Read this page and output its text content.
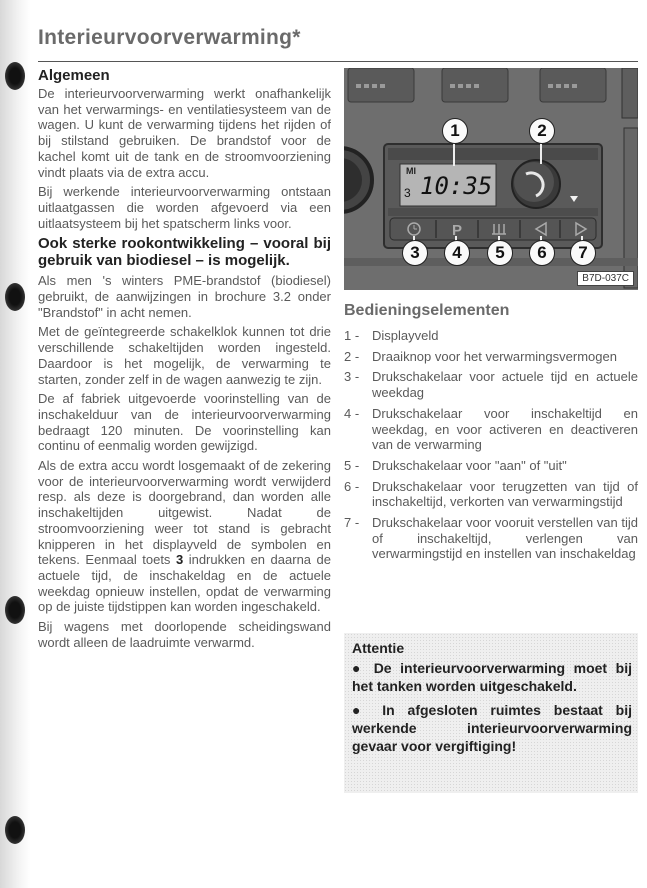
Interieurvoorverwarming*
Algemeen

De interieurvoorverwarming werkt onafhankelijk van het verwarmings- en ventilatiesysteem van de wagen. U kunt de verwarming tijdens het rijden of bij stilstand gebruiken. De brandstof voor de kachel komt uit de tank en de stroomvoorziening vindt plaats via de extra accu.

Bij werkende interieurvoorverwarming ontstaan uitlaatgassen die worden afgevoerd via een uitlaatsysteem bij het spatscherm links voor.

Ook sterke rookontwikkeling – vooral bij gebruik van biodiesel – is mogelijk.

Als men 's winters PME-brandstof (biodiesel) gebruikt, de aanwijzingen in brochure 3.2 onder "Brandstof" in acht nemen.

Met de geïntegreerde schakelklok kunnen tot drie verschillende schakeltijden worden ingesteld. Daardoor is het mogelijk, de verwarming te starten, zonder zelf in de wagen aanwezig te zijn.

De af fabriek uitgevoerde voorinstelling van de inschakelduur van de interieurvoorverwarming bedraagt 120 minuten. De voorinstelling kan continu of eenmalig worden gewijzigd.

Als de extra accu wordt losgemaakt of de zekering voor de interieurvoorverwarming wordt verwijderd resp. als deze is doorgebrand, dan worden alle inschakeltijden uitgewist. Nadat de stroomvoorziening weer tot stand is gebracht knipperen in het displayveld de symbolen en tekens. Eenmaal toets 3 indrukken en daarna de actuele tijd, de inschakeldag en de actuele weekdag opnieuw instellen, opdat de verwarming op de juiste tijdstippen kan worden ingeschakeld.

Bij wagens met doorlopende scheidingswand wordt alleen de laadruimte verwarmd.

P
MI
10:35
3
1	2
3	4	5	6	7
B7D-037C
Bedieningselementen
1 - Displayveld
2 - Draaiknop voor het verwarmingsvermogen
3 - Drukschakelaar voor actuele tijd en actuele weekdag
4 - Drukschakelaar voor inschakeltijd en weekdag, en voor activeren en deactiveren van de verwarming
5 - Drukschakelaar voor "aan" of "uit"
6 - Drukschakelaar voor terugzetten van tijd of inschakeltijd, verkorten van verwarmingstijd
7 - Drukschakelaar voor vooruit verstellen van tijd of inschakeltijd, verlengen van verwarmingstijd en instellen van inschakeldag
Attentie
● De interieurvoorverwarming moet bij het tanken worden uitgeschakeld.
● In afgesloten ruimtes bestaat bij werkende interieurvoorverwarming gevaar voor vergiftiging!
